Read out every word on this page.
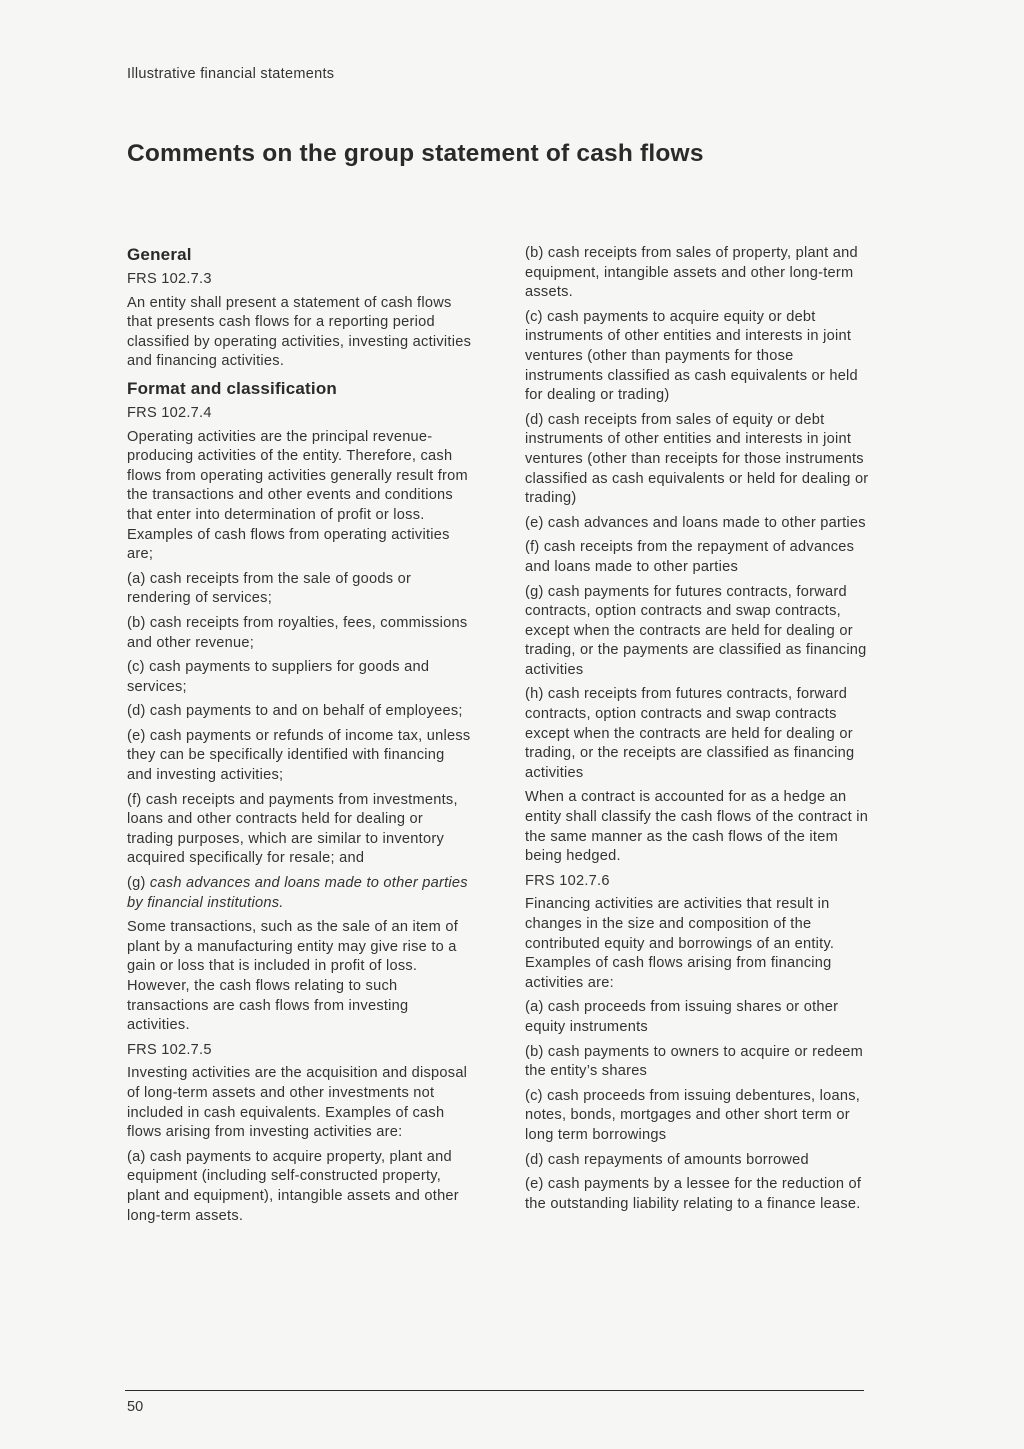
Illustrative financial statements
Comments on the group statement of cash flows
General

FRS 102.7.3

An entity shall present a statement of cash flows that presents cash flows for a reporting period classified by operating activities, investing activities and financing activities.

Format and classification

FRS 102.7.4

Operating activities are the principal revenue-producing activities of the entity. Therefore, cash flows from operating activities generally result from the transactions and other events and conditions that enter into determination of profit or loss. Examples of cash flows from operating activities are;

(a) cash receipts from the sale of goods or rendering of services;

(b) cash receipts from royalties, fees, commissions and other revenue;

(c) cash payments to suppliers for goods and services;

(d) cash payments to and on behalf of employees;

(e) cash payments or refunds of income tax, unless they can be specifically identified with financing and investing activities;

(f) cash receipts and payments from investments, loans and other contracts held for dealing or trading purposes, which are similar to inventory acquired specifically for resale; and

(g) cash advances and loans made to other parties by financial institutions.

Some transactions, such as the sale of an item of plant by a manufacturing entity may give rise to a gain or loss that is included in profit of loss. However, the cash flows relating to such transactions are cash flows from investing activities.

FRS 102.7.5

Investing activities are the acquisition and disposal of long-term assets and other investments not included in cash equivalents. Examples of cash flows arising from investing activities are:

(a) cash payments to acquire property, plant and equipment (including self-constructed property, plant and equipment), intangible assets and other long-term assets.

(b) cash receipts from sales of property, plant and equipment, intangible assets and other long-term assets.

(c) cash payments to acquire equity or debt instruments of other entities and interests in joint ventures (other than payments for those instruments classified as cash equivalents or held for dealing or trading)

(d) cash receipts from sales of equity or debt instruments of other entities and interests in joint ventures (other than receipts for those instruments classified as cash equivalents or held for dealing or trading)

(e) cash advances and loans made to other parties

(f) cash receipts from the repayment of advances and loans made to other parties

(g) cash payments for futures contracts, forward contracts, option contracts and swap contracts, except when the contracts are held for dealing or trading, or the payments are classified as financing activities

(h) cash receipts from futures contracts, forward contracts, option contracts and swap contracts except when the contracts are held for dealing or trading, or the receipts are classified as financing activities

When a contract is accounted for as a hedge an entity shall classify the cash flows of the contract in the same manner as the cash flows of the item being hedged.

FRS 102.7.6

Financing activities are activities that result in changes in the size and composition of the contributed equity and borrowings of an entity. Examples of cash flows arising from financing activities are:

(a) cash proceeds from issuing shares or other equity instruments

(b) cash payments to owners to acquire or redeem the entity’s shares

(c) cash proceeds from issuing debentures, loans, notes, bonds, mortgages and other short term or long term borrowings

(d) cash repayments of amounts borrowed

(e) cash payments by a lessee for the reduction of the outstanding liability relating to a finance lease.

50
